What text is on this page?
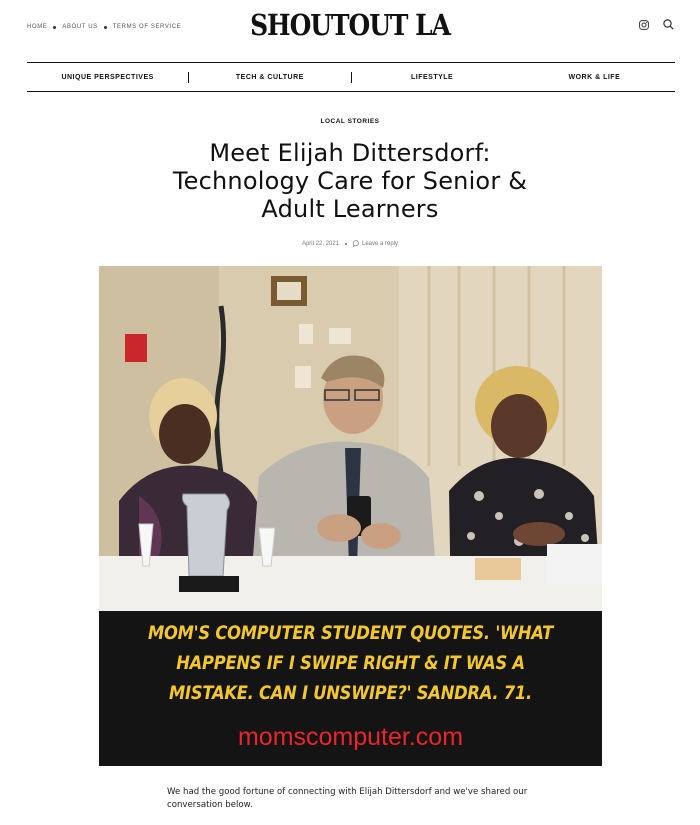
HOME	ABOUT US	TERMS OF SERVICE	SHOUTOUT LA
UNIQUE PERSPECTIVES	TECH & CULTURE	LIFESTYLE	WORK & LIFE
LOCAL STORIES
Meet Elijah Dittersdorf: Technology Care for Senior & Adult Learners
April 22, 2021	Leave a reply
MOM'S COMPUTER STUDENT QUOTES. 'WHAT HAPPENS IF I SWIPE RIGHT & IT WAS A MISTAKE. CAN I UNSWIPE?' SANDRA. 71.
momscomputer.com

We had the good fortune of connecting with Elijah Dittersdorf and we've shared our conversation below.
